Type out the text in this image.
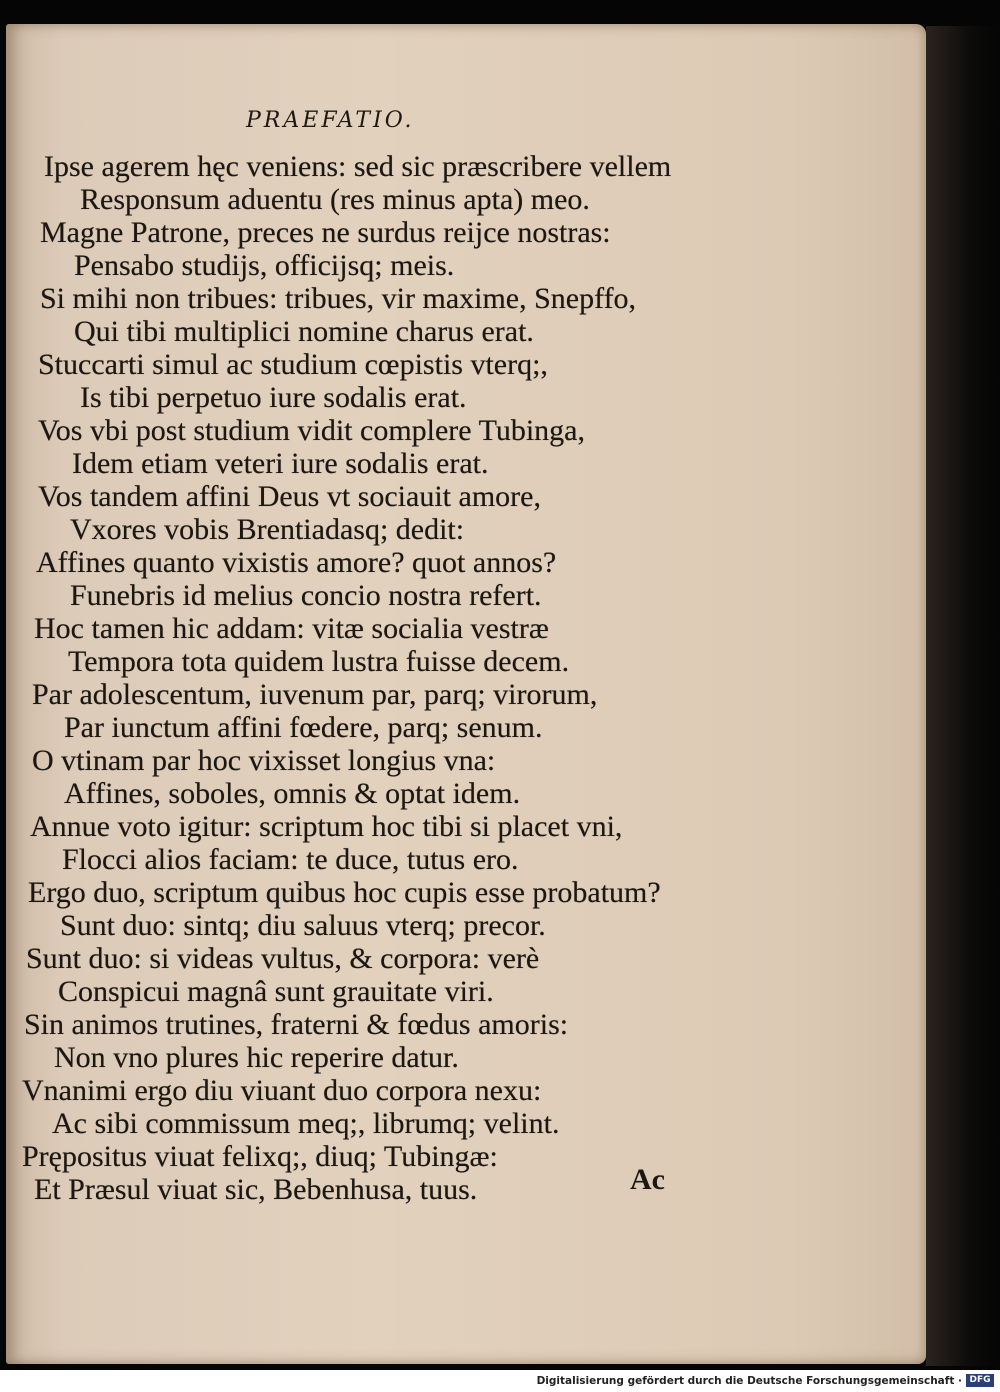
PRAEFATIO.
Ipse agerem hęc veniens: sed sic præscribere vellem
Responsum aduentu (res minus apta) meo.
Magne Patrone, preces ne surdus reijce nostras:
Pensabo studijs, officijsq; meis.
Si mihi non tribues: tribues, vir maxime, Snepffo,
Qui tibi multiplici nomine charus erat.
Stuccarti simul ac studium cœpistis vterq;,
Is tibi perpetuo iure sodalis erat.
Vos vbi post studium vidit complere Tubinga,
Idem etiam veteri iure sodalis erat.
Vos tandem affini Deus vt sociauit amore,
Vxores vobis Brentiadasq; dedit:
Affines quanto vixistis amore? quot annos?
Funebris id melius concio nostra refert.
Hoc tamen hic addam: vitæ socialia vestræ
Tempora tota quidem lustra fuisse decem.
Par adolescentum, iuvenum par, parq; virorum,
Par iunctum affini fœdere, parq; senum.
O vtinam par hoc vixisset longius vna:
Affines, soboles, omnis & optat idem.
Annue voto igitur: scriptum hoc tibi si placet vni,
Flocci alios faciam: te duce, tutus ero.
Ergo duo, scriptum quibus hoc cupis esse probatum?
Sunt duo: sintq; diu saluus vterq; precor.
Sunt duo: si videas vultus, & corpora: verè
Conspicui magnâ sunt grauitate viri.
Sin animos trutines, fraterni & fœdus amoris:
Non vno plures hic reperire datur.
Vnanimi ergo diu viuant duo corpora nexu:
Ac sibi commissum meq;, librumq; velint.
Prępositus viuat felixq;, diuq; Tubingæ:
Et Præsul viuat sic, Bebenhusa, tuus.	Ac
Digitalisierung gefördert durch die Deutsche Forschungsgemeinschaft · DFG
